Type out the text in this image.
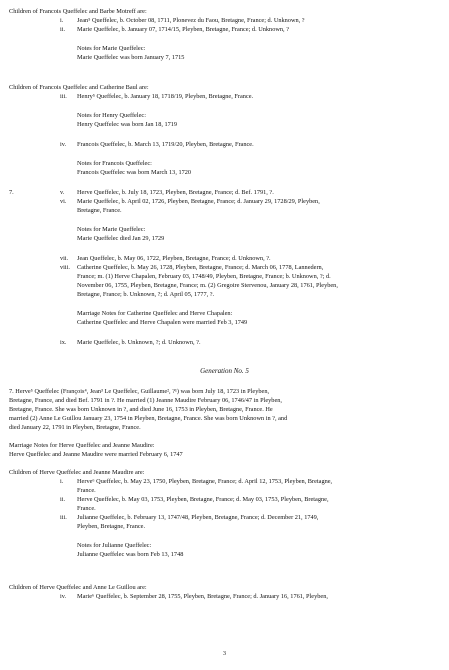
Children of Francois Queffelec and Barbe Motreff are:
i. Jean⁵ Queffelec, b. October 08, 1711, Plonevez du Faou, Bretagne, France; d. Unknown, ?
ii. Marie Queffelec, b. January 07, 1714/15, Pleyben, Bretagne, France; d. Unknown, ?
Notes for Marie Queffelec:
Marie Queffelec was born January 7, 1715
Children of Francois Queffelec and Catherine Baul are:
iii. Henry⁵ Queffelec, b. January 18, 1718/19, Pleyben, Bretagne, France.
Notes for Henry Queffelec:
Henry Queffelec was born Jan 18, 1719
iv. Francois Queffelec, b. March 13, 1719/20, Pleyben, Bretagne, France.
Notes for Francois Queffelec:
Francois Queffelec was born March 13, 1720
7.	v. Herve Queffelec, b. July 18, 1723, Pleyben, Bretagne, France; d. Bef. 1791, ?.
vi. Marie Queffelec, b. April 02, 1726, Pleyben, Bretagne, France; d. January 29, 1728/29, Pleyben,
Bretagne, France.
Notes for Marie Queffelec:
Marie Queffelec died Jan 29, 1729
vii. Jean Queffelec, b. May 06, 1722, Pleyben, Bretagne, France; d. Unknown, ?.
viii. Catherine Queffelec, b. May 26, 1728, Pleyben, Bretagne, France; d. March 06, 1778, Lannedern,
France; m. (1) Herve Chapalen, February 03, 1748/49, Pleyben, Bretagne, France; b. Unknown, ?; d.
November 06, 1755, Pleyben, Bretagne, France; m. (2) Gregoire Stervenou, January 28, 1761, Pleyben,
Bretagne, France; b. Unknown, ?; d. April 05, 1777, ?.
Marriage Notes for Catherine Queffelec and Herve Chapalen:
Catherine Queffelec and Herve Chapalen were married Feb 3, 1749
ix. Marie Queffelec, b. Unknown, ?; d. Unknown, ?.
Generation No. 5
7. Herve⁵ Queffelec (François⁴, Jean³ Le Queffelec, Guillaume², ?¹) was born July 18, 1723 in Pleyben,
Bretagne, France, and died Bef. 1791 in ?. He married (1) Jeanne Maudire February 06, 1746/47 in Pleyben,
Bretagne, France. She was born Unknown in ?, and died June 16, 1753 in Pleyben, Bretagne, France. He
married (2) Anne Le Guillou January 23, 1754 in Pleyben, Bretagne, France. She was born Unknown in ?, and
died January 22, 1791 in Pleyben, Bretagne, France.
Marriage Notes for Herve Queffelec and Jeanne Maudire:
Herve Queffelec and Jeanne Maudire were married February 6, 1747
Children of Herve Queffelec and Jeanne Maudire are:
i. Herve⁶ Queffelec, b. May 23, 1750, Pleyben, Bretagne, France; d. April 12, 1753, Pleyben, Bretagne,
France.
ii. Herve Queffelec, b. May 03, 1753, Pleyben, Bretagne, France; d. May 03, 1753, Pleyben, Bretagne,
France.
iii. Julianne Queffelec, b. February 13, 1747/48, Pleyben, Bretagne, France; d. December 21, 1749,
Pleyben, Bretagne, France.
Notes for Julianne Queffelec:
Julianne Queffelec was born Feb 13, 1748
Children of Herve Queffelec and Anne Le Guillou are:
iv. Marie⁶ Queffelec, b. September 28, 1755, Pleyben, Bretagne, France; d. January 16, 1761, Pleyben,
3
